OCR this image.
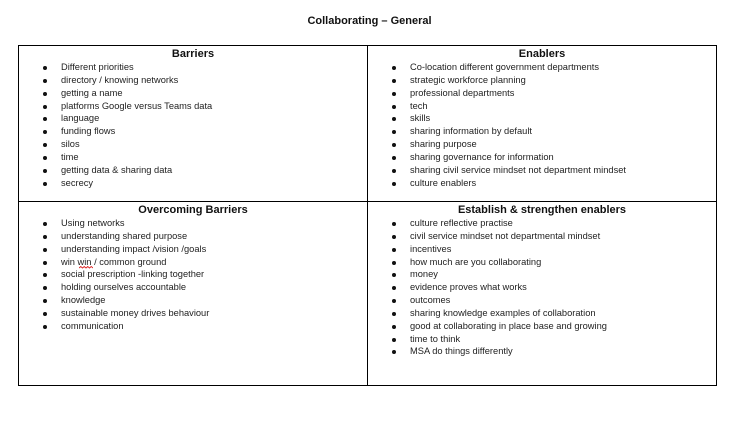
Collaborating – General
Barriers
Different priorities
directory / knowing networks
getting a name
platforms Google versus Teams data
language
funding flows
silos
time
getting data & sharing data
secrecy
Enablers
Co-location different government departments
strategic workforce planning
professional departments
tech
skills
sharing information by default
sharing purpose
sharing governance for information
sharing civil service mindset not department mindset
culture enablers
Overcoming Barriers
Using networks
understanding shared purpose
understanding impact /vision /goals
win win / common ground
social prescription -linking together
holding ourselves accountable
knowledge
sustainable money drives behaviour
communication
Establish & strengthen enablers
culture reflective practise
civil service mindset not departmental mindset
incentives
how much are you collaborating
money
evidence proves what works
outcomes
sharing knowledge examples of collaboration
good at collaborating in place base and growing
time to think
MSA do things differently
